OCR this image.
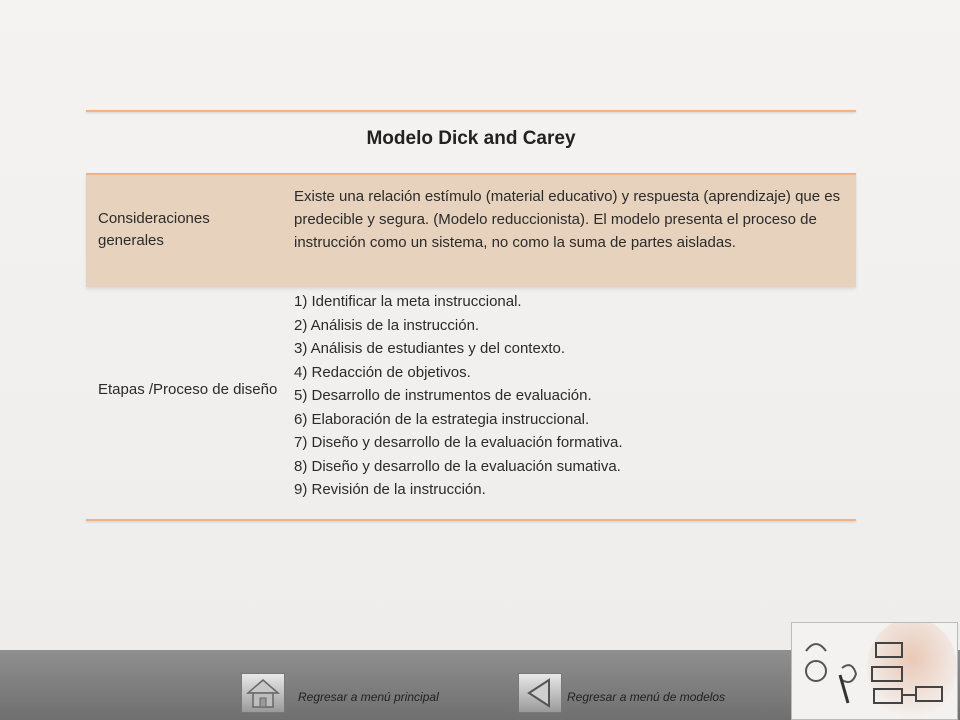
Modelo Dick and Carey
Consideraciones generales
Existe una relación estímulo (material educativo) y respuesta (aprendizaje) que es predecible y segura. (Modelo reduccionista). El modelo presenta el proceso de instrucción como un sistema, no como la suma de partes aisladas.
Etapas /Proceso de diseño
1) Identificar la meta instruccional.
2) Análisis de la instrucción.
3) Análisis de estudiantes y del contexto.
4) Redacción de objetivos.
5) Desarrollo de instrumentos de evaluación.
6) Elaboración de la estrategia instruccional.
7) Diseño y desarrollo de la evaluación formativa.
8) Diseño y desarrollo de la evaluación sumativa.
9) Revisión de la instrucción.
Regresar a menú principal	Regresar a menú de modelos
